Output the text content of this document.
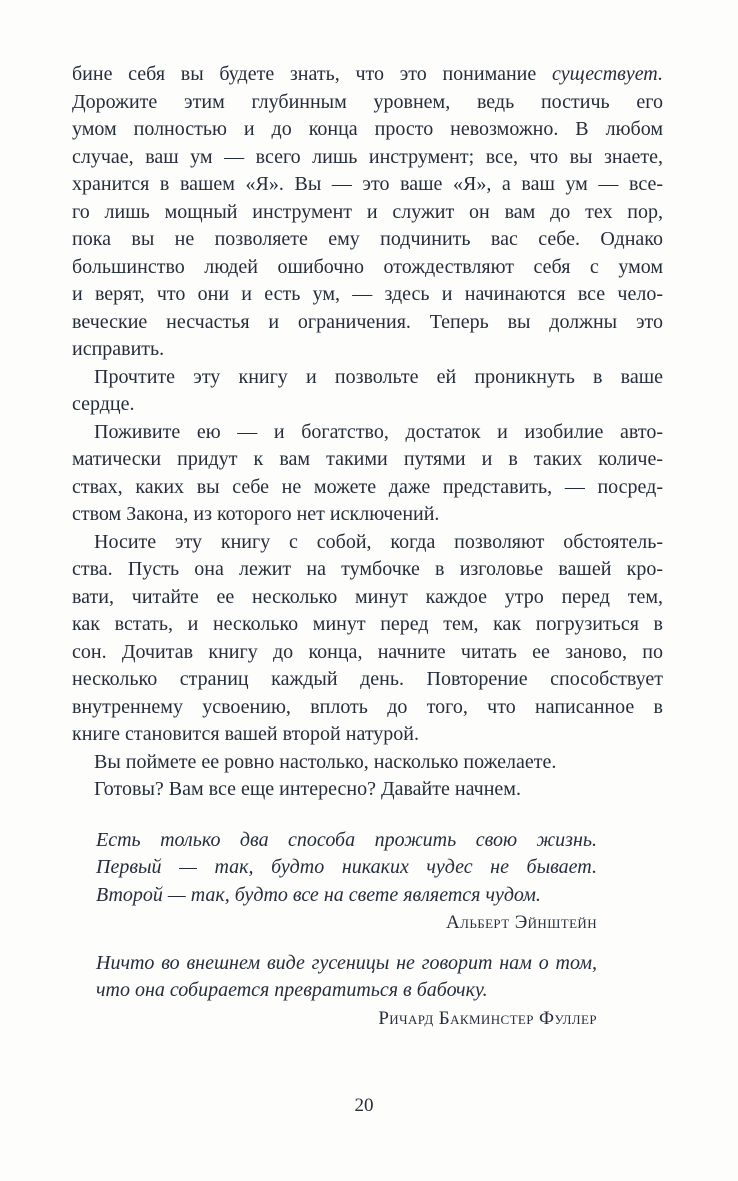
бине себя вы будете знать, что это понимание существует.
Дорожите этим глубинным уровнем, ведь постичь его
умом полностью и до конца просто невозможно. В любом
случае, ваш ум — всего лишь инструмент; все, что вы знаете,
хранится в вашем «Я». Вы — это ваше «Я», а ваш ум — все-
го лишь мощный инструмент и служит он вам до тех пор,
пока вы не позволяете ему подчинить вас себе. Однако
большинство людей ошибочно отождествляют себя с умом
и верят, что они и есть ум, — здесь и начинаются все чело-
веческие несчастья и ограничения. Теперь вы должны это
исправить.
Прочтите эту книгу и позвольте ей проникнуть в ваше
сердце.
Поживите ею — и богатство, достаток и изобилие авто-
матически придут к вам такими путями и в таких количе-
ствах, каких вы себе не можете даже представить, — посред-
ством Закона, из которого нет исключений.
Носите эту книгу с собой, когда позволяют обстоятель-
ства. Пусть она лежит на тумбочке в изголовье вашей кро-
вати, читайте ее несколько минут каждое утро перед тем,
как встать, и несколько минут перед тем, как погрузиться в
сон. Дочитав книгу до конца, начните читать ее заново, по
несколько страниц каждый день. Повторение способствует
внутреннему усвоению, вплоть до того, что написанное в
книге становится вашей второй натурой.
Вы поймете ее ровно настолько, насколько пожелаете.
Готовы? Вам все еще интересно? Давайте начнем.
Есть только два способа прожить свою жизнь.
Первый — так, будто никаких чудес не бывает.
Второй — так, будто все на свете является чудом.
Альберт Эйнштейн
Ничто во внешнем виде гусеницы не говорит нам о том,
что она собирается превратиться в бабочку.
Ричард Бакминстер Фуллер
20
